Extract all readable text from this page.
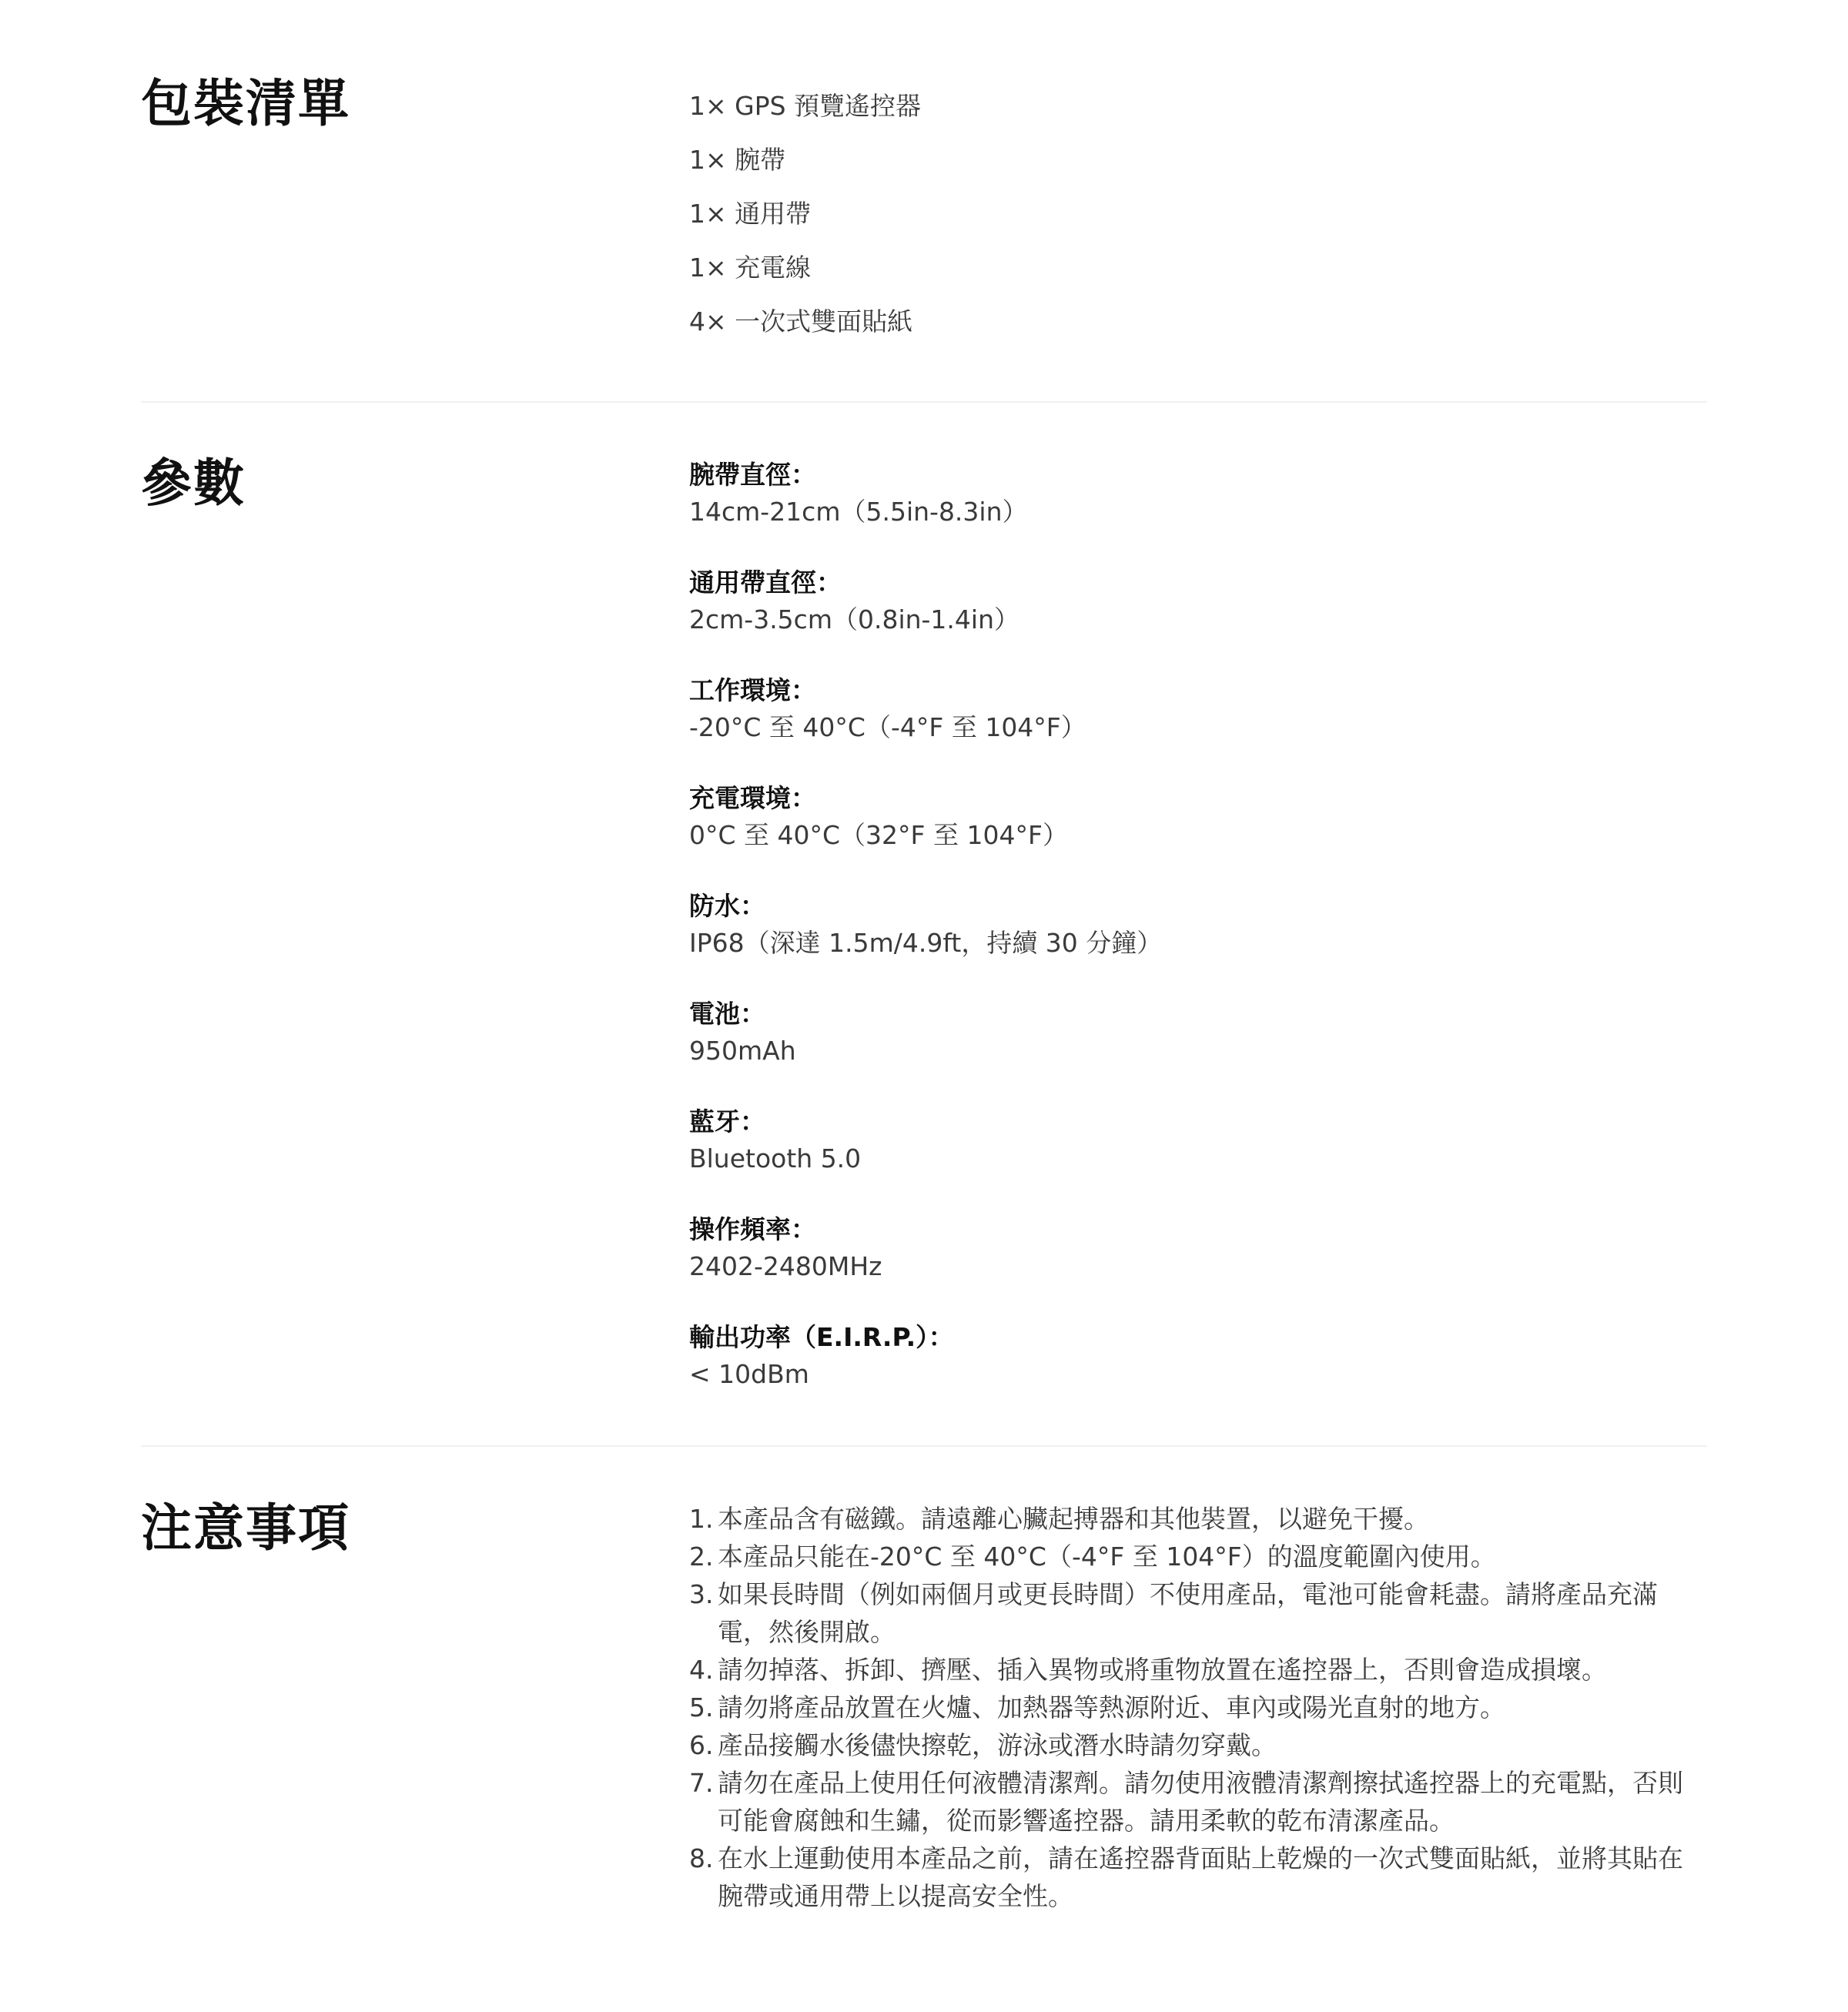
包裝清單	1× GPS 預覽遙控器
1× 腕帶
1× 通用帶
1× 充電線
4× 一次式雙面貼紙
參數	腕帶直徑：
14cm-21cm（5.5in-8.3in）
通用帶直徑：
2cm-3.5cm（0.8in-1.4in）
工作環境：
-20°C 至 40°C（-4°F 至 104°F）
充電環境：
0°C 至 40°C（32°F 至 104°F）
防水：
IP68（深達 1.5m/4.9ft，持續 30 分鐘）
電池：
950mAh
藍牙：
Bluetooth 5.0
操作頻率：
2402-2480MHz
輸出功率（E.I.R.P.）：
< 10dBm
注意事項	1. 本產品含有磁鐵。請遠離心臟起搏器和其他裝置，以避免干擾。
2. 本產品只能在-20°C 至 40°C（-4°F 至 104°F）的溫度範圍內使用。
3. 如果長時間（例如兩個月或更長時間）不使用產品，電池可能會耗盡。請將產品充滿電，然後開啟。
4. 請勿掉落、拆卸、擠壓、插入異物或將重物放置在遙控器上，否則會造成損壞。
5. 請勿將產品放置在火爐、加熱器等熱源附近、車內或陽光直射的地方。
6. 產品接觸水後儘快擦乾，游泳或潛水時請勿穿戴。
7. 請勿在產品上使用任何液體清潔劑。請勿使用液體清潔劑擦拭遙控器上的充電點，否則可能會腐蝕和生鏽，從而影響遙控器。請用柔軟的乾布清潔產品。
8. 在水上運動使用本產品之前，請在遙控器背面貼上乾燥的一次式雙面貼紙，並將其貼在腕帶或通用帶上以提高安全性。
